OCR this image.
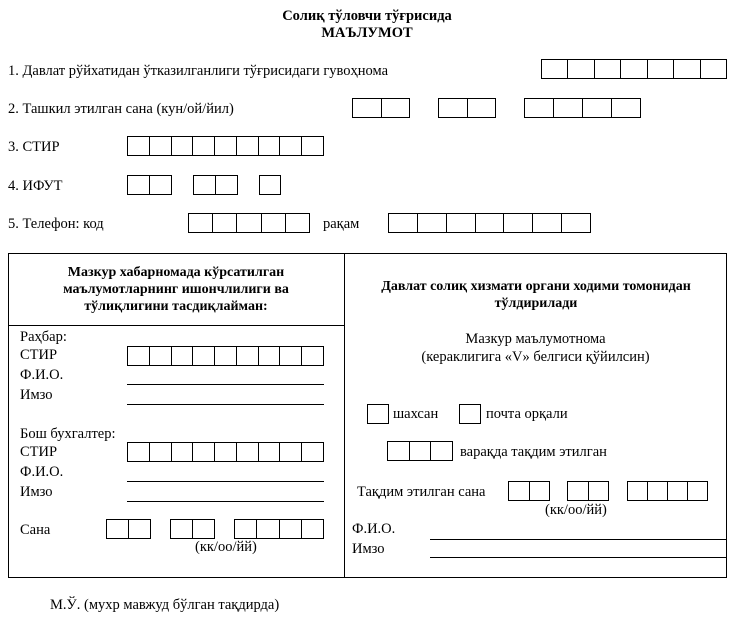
Солиқ тўловчи тўғрисида
МАЪЛУМОТ
1. Давлат рўйхатидан ўтказилганлиги тўғрисидаги гувоҳнома
2. Ташкил этилган сана (кун/ой/йил)
3. СТИР
4. ИФУТ
5. Телефон: код	рақам
Мазкур хабарномада кўрсатилган маълумотларнинг ишончлилиги ва тўлиқлигини тасдиқлайман:
Давлат солиқ хизмати органи ходими томонидан тўлдирилади
Раҳбар:
СТИР
Ф.И.О.
Имзо
Бош бухгалтер:
СТИР
Ф.И.О.
Имзо
Сана
(кк/оо/йй)
Мазкур маълумотнома
(кераклигига «V» белгиси қўйилсин)
шахсан	почта орқали
варақда тақдим этилган
Тақдим этилган сана
(кк/оо/йй)
Ф.И.О.
Имзо
М.Ў. (мухр мавжуд бўлган тақдирда)
